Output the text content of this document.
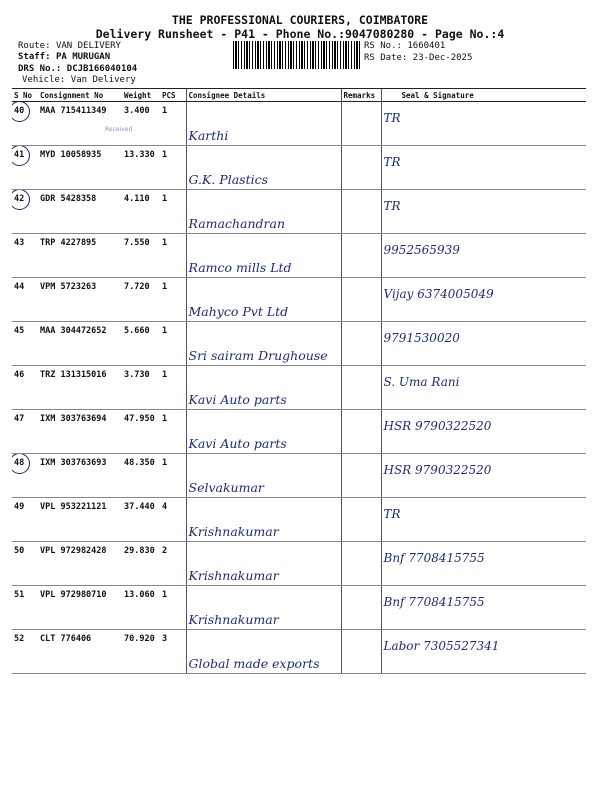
THE PROFESSIONAL COURIERS, COIMBATORE
Delivery Runsheet - P41 - Phone No.:9047080280 - Page No.:4
Route: VAN DELIVERY
Staff: PA MURUGAN
DRS No.: DCJB166040104
Vehicle: Van Delivery
RS No.: 1660401
RS Date: 23-Dec-2025
S No	Consignment No	Weight	PCS	Consignee Details	Remarks	Seal & Signature

40	MAA 715411349	3.400	1	Karthi		TR

41	MYD 10058935	13.330	1	G.K. Plastics		TR

42	GDR 5428358	4.110	1	Ramachandran		TR
43	TRP 4227895	7.550	1	Ramco mills Ltd		9952565939
44	VPM 5723263	7.720	1	Mahyco Pvt Ltd		Vijay 6374005049
45	MAA 304472652	5.660	1	Sri sairam Drughouse		9791530020
46	TRZ 131315016	3.730	1	Kavi Auto parts		S. Uma Rani
47	IXM 303763694	47.950	1	Kavi Auto parts		HSR 9790322520

48	IXM 303763693	48.350	1	Selvakumar		HSR 9790322520
49	VPL 953221121	37.440	4	Krishnakumar		TR
50	VPL 972982428	29.830	2	Krishnakumar		Bnf 7708415755
51	VPL 972980710	13.060	1	Krishnakumar		Bnf 7708415755
52	CLT 776406	70.920	3	Global made exports		Labor 7305527341
Received
